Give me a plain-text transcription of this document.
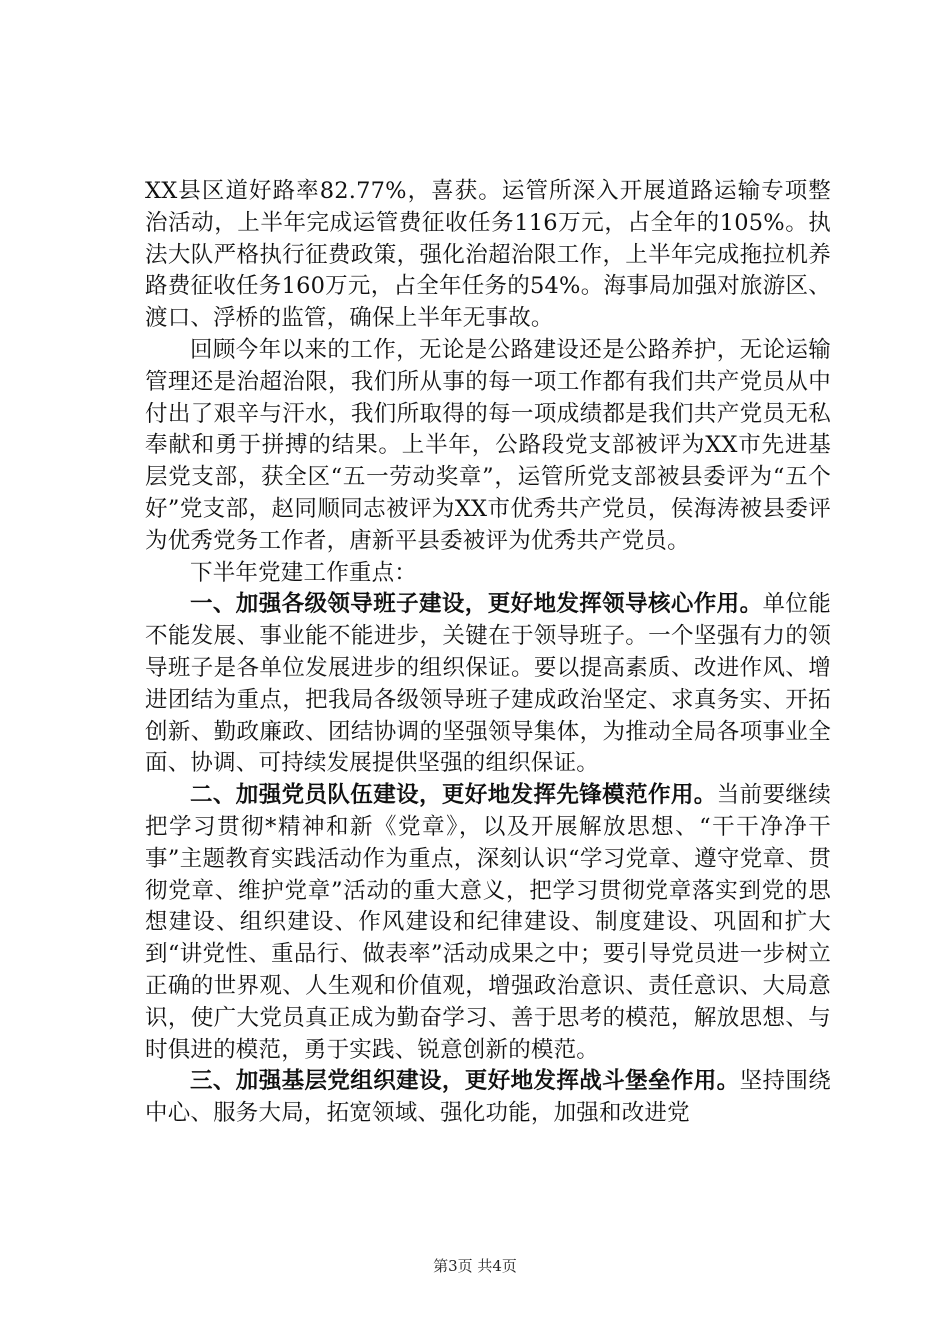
XX县区道好路率82.77%，喜获。运管所深入开展道路运输专项整治活动，上半年完成运管费征收任务116万元，占全年的105%。执法大队严格执行征费政策，强化治超治限工作，上半年完成拖拉机养路费征收任务160万元，占全年任务的54%。海事局加强对旅游区、渡口、浮桥的监管，确保上半年无事故。

回顾今年以来的工作，无论是公路建设还是公路养护，无论运输管理还是治超治限，我们所从事的每一项工作都有我们共产党员从中付出了艰辛与汗水，我们所取得的每一项成绩都是我们共产党员无私奉献和勇于拼搏的结果。上半年，公路段党支部被评为XX市先进基层党支部，获全区“五一劳动奖章”，运管所党支部被县委评为“五个好”党支部，赵同顺同志被评为XX市优秀共产党员，侯海涛被县委评为优秀党务工作者，唐新平县委被评为优秀共产党员。

下半年党建工作重点：

一、加强各级领导班子建设，更好地发挥领导核心作用。单位能不能发展、事业能不能进步，关键在于领导班子。一个坚强有力的领导班子是各单位发展进步的组织保证。要以提高素质、改进作风、增进团结为重点，把我局各级领导班子建成政治坚定、求真务实、开拓创新、勤政廉政、团结协调的坚强领导集体，为推动全局各项事业全面、协调、可持续发展提供坚强的组织保证。

二、加强党员队伍建设，更好地发挥先锋模范作用。当前要继续把学习贯彻*精神和新《党章》，以及开展解放思想、“干干净净干事”主题教育实践活动作为重点，深刻认识“学习党章、遵守党章、贯彻党章、维护党章”活动的重大意义，把学习贯彻党章落实到党的思想建设、组织建设、作风建设和纪律建设、制度建设、巩固和扩大到“讲党性、重品行、做表率”活动成果之中；要引导党员进一步树立正确的世界观、人生观和价值观，增强政治意识、责任意识、大局意识，使广大党员真正成为勤奋学习、善于思考的模范，解放思想、与时俱进的模范，勇于实践、锐意创新的模范。

三、加强基层党组织建设，更好地发挥战斗堡垒作用。坚持围绕中心、服务大局，拓宽领域、强化功能，加强和改进党

第3页 共4页
